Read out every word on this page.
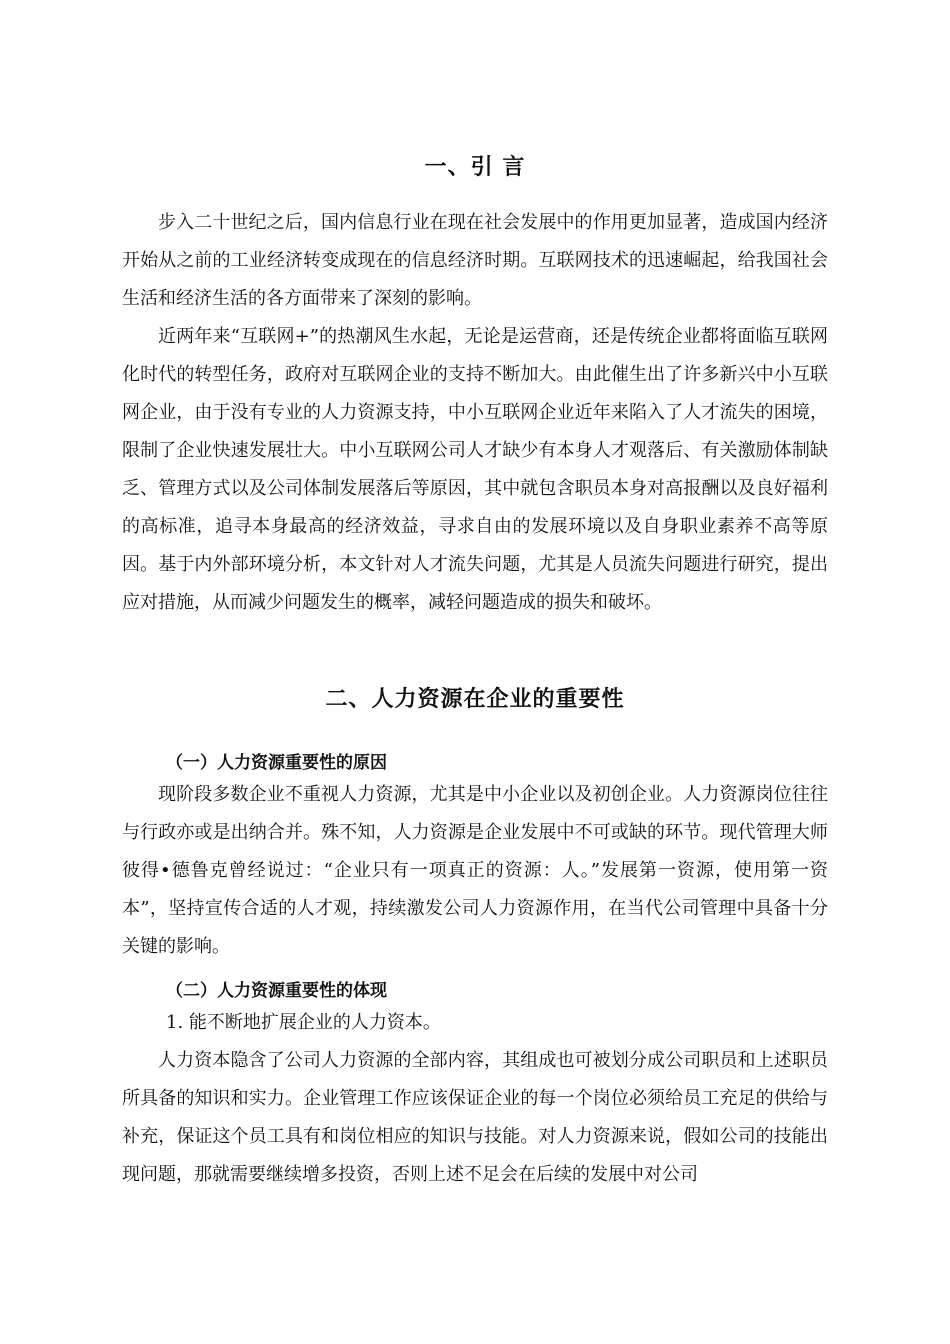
一、引 言

步入二十世纪之后，国内信息行业在现在社会发展中的作用更加显著，造成国内经济开始从之前的工业经济转变成现在的信息经济时期。互联网技术的迅速崛起，给我国社会生活和经济生活的各方面带来了深刻的影响。

近两年来“互联网+”的热潮风生水起，无论是运营商，还是传统企业都将面临互联网化时代的转型任务，政府对互联网企业的支持不断加大。由此催生出了许多新兴中小互联网企业，由于没有专业的人力资源支持，中小互联网企业近年来陷入了人才流失的困境，限制了企业快速发展壮大。中小互联网公司人才缺少有本身人才观落后、有关激励体制缺乏、管理方式以及公司体制发展落后等原因，其中就包含职员本身对高报酬以及良好福利的高标准，追寻本身最高的经济效益，寻求自由的发展环境以及自身职业素养不高等原因。基于内外部环境分析，本文针对人才流失问题，尤其是人员流失问题进行研究，提出应对措施，从而减少问题发生的概率，减轻问题造成的损失和破坏。

二、人力资源在企业的重要性
（一）人力资源重要性的原因

现阶段多数企业不重视人力资源，尤其是中小企业以及初创企业。人力资源岗位往往与行政亦或是出纳合并。殊不知，人力资源是企业发展中不可或缺的环节。现代管理大师彼得•德鲁克曾经说过：“企业只有一项真正的资源：人。”发展第一资源，使用第一资本”，坚持宣传合适的人才观，持续激发公司人力资源作用，在当代公司管理中具备十分关键的影响。

（二）人力资源重要性的体现

1. 能不断地扩展企业的人力资本。

人力资本隐含了公司人力资源的全部内容，其组成也可被划分成公司职员和上述职员所具备的知识和实力。企业管理工作应该保证企业的每一个岗位必须给员工充足的供给与补充，保证这个员工具有和岗位相应的知识与技能。对人力资源来说，假如公司的技能出现问题，那就需要继续增多投资，否则上述不足会在后续的发展中对公司
